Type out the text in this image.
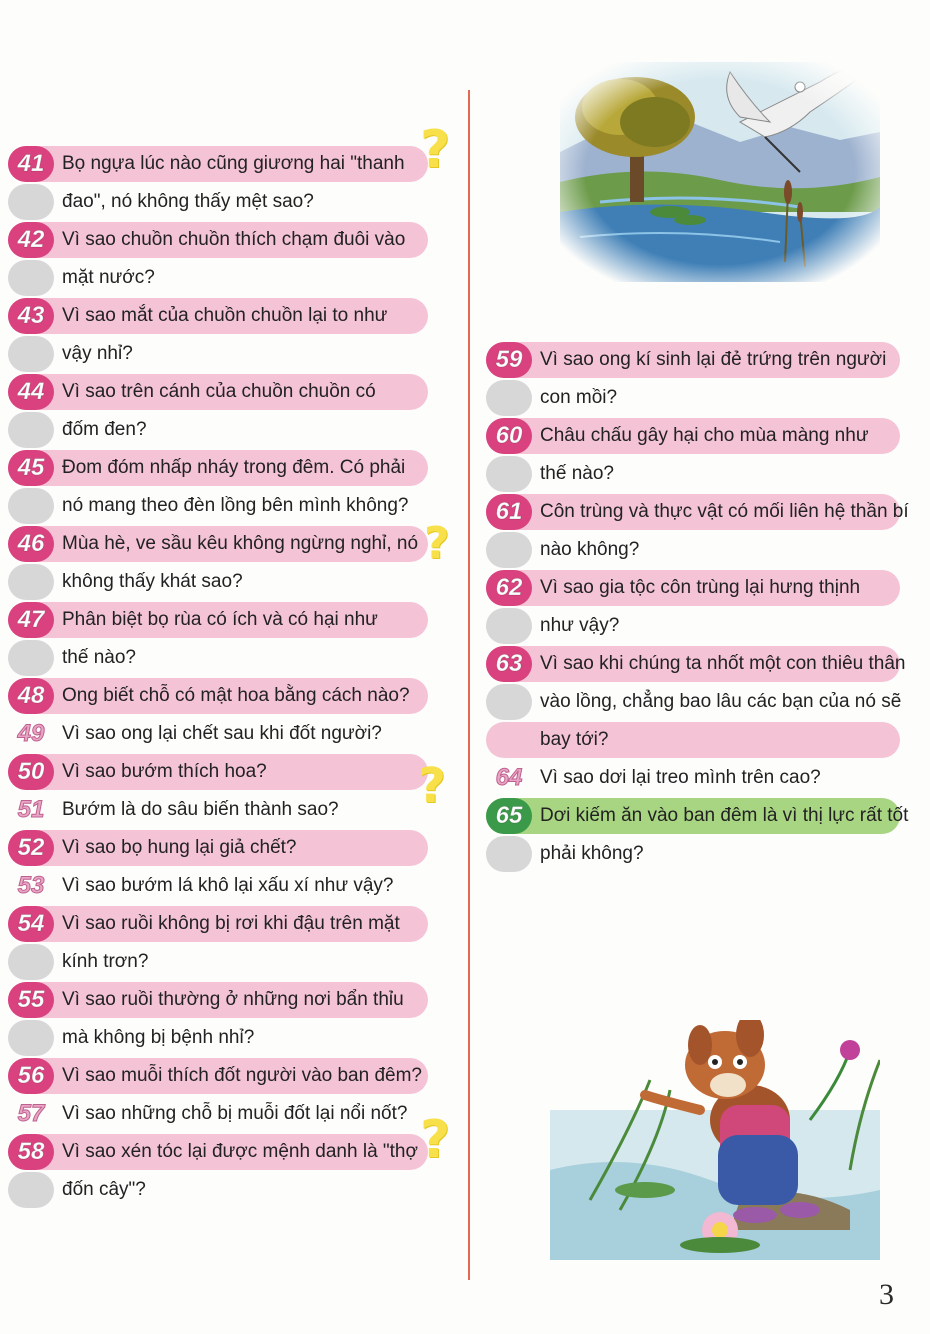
41 Bọ ngựa lúc nào cũng giương hai "thanh
đao", nó không thấy mệt sao?
42 Vì sao chuồn chuồn thích chạm đuôi vào
mặt nước?
43 Vì sao mắt của chuồn chuồn lại to như
vậy nhỉ?
44 Vì sao trên cánh của chuồn chuồn có
đốm đen?
45 Đom đóm nhấp nháy trong đêm. Có phải
nó mang theo đèn lồng bên mình không?
46 Mùa hè, ve sầu kêu không ngừng nghỉ, nó
không thấy khát sao?
47 Phân biệt bọ rùa có ích và có hại như
thế nào?
48 Ong biết chỗ có mật hoa bằng cách nào?
49 Vì sao ong lại chết sau khi đốt người?
50 Vì sao bướm thích hoa?
51 Bướm là do sâu biến thành sao?
52 Vì sao bọ hung lại giả chết?
53 Vì sao bướm lá khô lại xấu xí như vậy?
54 Vì sao ruồi không bị rơi khi đậu trên mặt
kính trơn?
55 Vì sao ruồi thường ở những nơi bẩn thỉu
mà không bị bệnh nhỉ?
56 Vì sao muỗi thích đốt người vào ban đêm?
57 Vì sao những chỗ bị muỗi đốt lại nổi nốt?
58 Vì sao xén tóc lại được mệnh danh là "thợ
đốn cây"?
59 Vì sao ong kí sinh lại đẻ trứng trên người
con mồi?
60 Châu chấu gây hại cho mùa màng như
thế nào?
61 Côn trùng và thực vật có mối liên hệ thần bí
nào không?
62 Vì sao gia tộc côn trùng lại hưng thịnh
như vậy?
63 Vì sao khi chúng ta nhốt một con thiêu thân
vào lồng, chẳng bao lâu các bạn của nó sẽ
bay tới?
64 Vì sao dơi lại treo mình trên cao?
65 Dơi kiếm ăn vào ban đêm là vì thị lực rất tốt
phải không?
?
?
?
?
3
